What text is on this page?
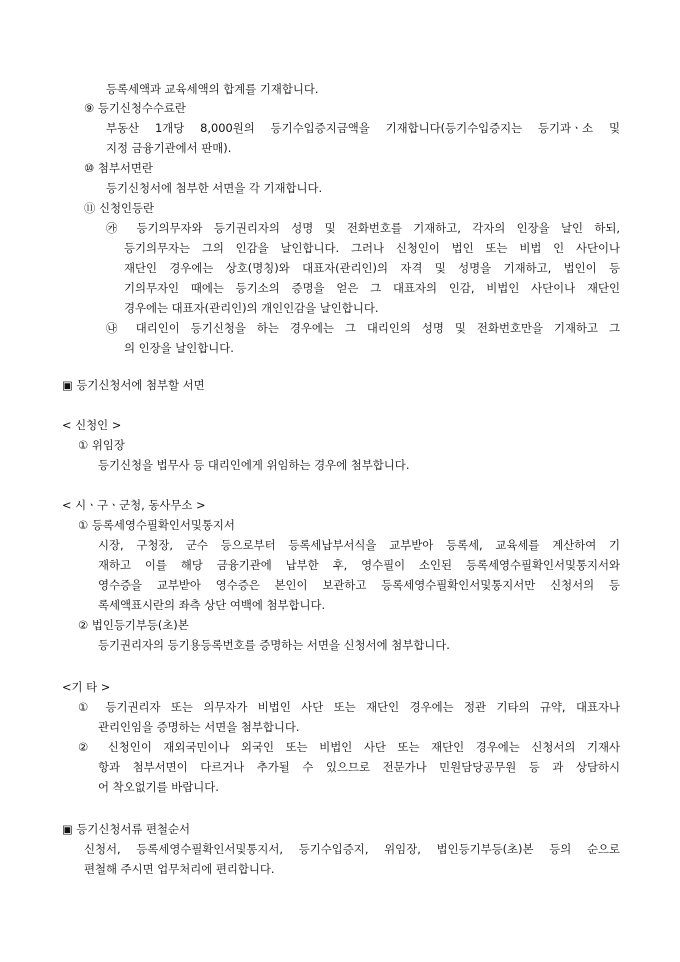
등록세액과 교육세액의 합계를 기재합니다.
⑨ 등기신청수수료란
부동산 1개당 8,000원의 등기수입증지금액을 기재합니다(등기수입증지는 등기과ㆍ소 및
지정 금융기관에서 판매).
⑩ 첨부서면란
등기신청서에 첨부한 서면을 각 기재합니다.
⑪ 신청인등란
㉮ 등기의무자와 등기권리자의 성명 및 전화번호를 기재하고, 각자의 인장을 날인 하되,
등기의무자는 그의 인감을 날인합니다. 그러나 신청인이 법인 또는 비법 인 사단이나
재단인 경우에는 상호(명칭)와 대표자(관리인)의 자격 및 성명을 기재하고, 법인이 등
기의무자인 때에는 등기소의 증명을 얻은 그 대표자의 인감, 비법인 사단이나 재단인
경우에는 대표자(관리인)의 개인인감을 날인합니다.
㉯ 대리인이 등기신청을 하는 경우에는 그 대리인의 성명 및 전화번호만을 기재하고 그
의 인장을 날인합니다.
▣ 등기신청서에 첨부할 서면
< 신청인 >
① 위임장
등기신청을 법무사 등 대리인에게 위임하는 경우에 첨부합니다.
< 시ㆍ구ㆍ군청, 동사무소 >
① 등록세영수필확인서및통지서
시장, 구청장, 군수 등으로부터 등록세납부서식을 교부받아 등록세, 교육세를 계산하여 기
재하고 이를 해당 금융기관에 납부한 후, 영수필이 소인된 등록세영수필확인서및통지서와
영수증을 교부받아 영수증은 본인이 보관하고 등록세영수필확인서및통지서만 신청서의 등
록세액표시란의 좌측 상단 여백에 첨부합니다.
② 법인등기부등(초)본
등기권리자의 등기용등록번호를 증명하는 서면을 신청서에 첨부합니다.
<기 타 >
① 등기권리자 또는 의무자가 비법인 사단 또는 재단인 경우에는 정관 기타의 규약, 대표자나
관리인임을 증명하는 서면을 첨부합니다.
② 신청인이 재외국민이나 외국인 또는 비법인 사단 또는 재단인 경우에는 신청서의 기재사
항과 첨부서면이 다르거나 추가될 수 있으므로 전문가나 민원담당공무원 등 과 상담하시
어 착오없기를 바랍니다.
▣ 등기신청서류 편철순서
신청서, 등록세영수필확인서및통지서, 등기수입증지, 위임장, 법인등기부등(초)본 등의 순으로
편철해 주시면 업무처리에 편리합니다.
